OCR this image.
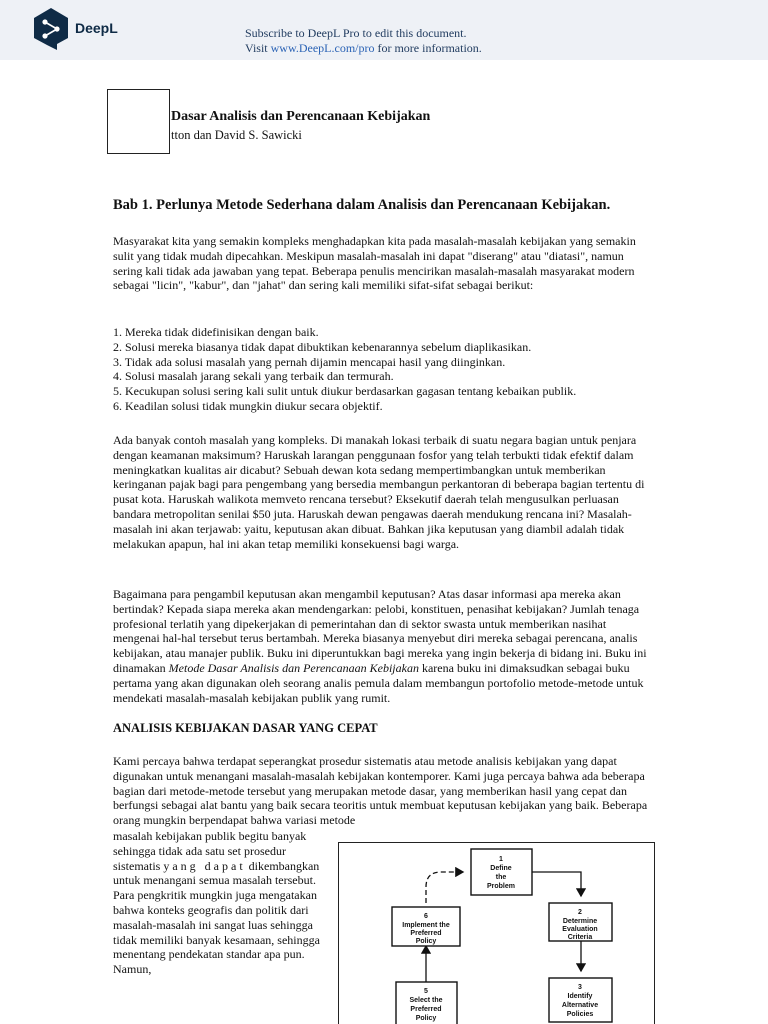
DeepL	Subscribe to DeepL Pro to edit this document.
Visit www.DeepL.com/pro for more information.
Dasar Analisis dan Perencanaan Kebijakan
tton dan David S. Sawicki
Bab 1. Perlunya Metode Sederhana dalam Analisis dan Perencanaan Kebijakan.

Masyarakat kita yang semakin kompleks menghadapkan kita pada masalah-masalah kebijakan yang semakin sulit yang tidak mudah dipecahkan. Meskipun masalah-masalah ini dapat "diserang" atau "diatasi", namun sering kali tidak ada jawaban yang tepat. Beberapa penulis mencirikan masalah-masalah masyarakat modern sebagai "licin", "kabur", dan "jahat" dan sering kali memiliki sifat-sifat sebagai berikut:

1. Mereka tidak didefinisikan dengan baik.
2. Solusi mereka biasanya tidak dapat dibuktikan kebenarannya sebelum diaplikasikan.
3. Tidak ada solusi masalah yang pernah dijamin mencapai hasil yang diinginkan.
4. Solusi masalah jarang sekali yang terbaik dan termurah.
5. Kecukupan solusi sering kali sulit untuk diukur berdasarkan gagasan tentang kebaikan publik.
6. Keadilan solusi tidak mungkin diukur secara objektif.

Ada banyak contoh masalah yang kompleks. Di manakah lokasi terbaik di suatu negara bagian untuk penjara dengan keamanan maksimum? Haruskah larangan penggunaan fosfor yang telah terbukti tidak efektif dalam meningkatkan kualitas air dicabut? Sebuah dewan kota sedang mempertimbangkan untuk memberikan keringanan pajak bagi para pengembang yang bersedia membangun perkantoran di beberapa bagian tertentu di pusat kota. Haruskah walikota memveto rencana tersebut? Eksekutif daerah telah mengusulkan perluasan bandara metropolitan senilai $50 juta. Haruskah dewan pengawas daerah mendukung rencana ini? Masalah-masalah ini akan terjawab: yaitu, keputusan akan dibuat. Bahkan jika keputusan yang diambil adalah tidak melakukan apapun, hal ini akan tetap memiliki konsekuensi bagi warga.

Bagaimana para pengambil keputusan akan mengambil keputusan? Atas dasar informasi apa mereka akan bertindak? Kepada siapa mereka akan mendengarkan: pelobi, konstituen, penasihat kebijakan? Jumlah tenaga profesional terlatih yang dipekerjakan di pemerintahan dan di sektor swasta untuk memberikan nasihat mengenai hal-hal tersebut terus bertambah. Mereka biasanya menyebut diri mereka sebagai perencana, analis kebijakan, atau manajer publik. Buku ini diperuntukkan bagi mereka yang ingin bekerja di bidang ini. Buku ini dinamakan Metode Dasar Analisis dan Perencanaan Kebijakan karena buku ini dimaksudkan sebagai buku pertama yang akan digunakan oleh seorang analis pemula dalam membangun portofolio metode-metode untuk mendekati masalah-masalah kebijakan publik yang rumit.

ANALISIS KEBIJAKAN DASAR YANG CEPAT

Kami percaya bahwa terdapat seperangkat prosedur sistematis atau metode analisis kebijakan yang dapat digunakan untuk menangani masalah-masalah kebijakan kontemporer. Kami juga percaya bahwa ada beberapa bagian dari metode-metode tersebut yang merupakan metode dasar, yang memberikan hasil yang cepat dan berfungsi sebagai alat bantu yang baik secara teoritis untuk membuat keputusan kebijakan yang baik. Beberapa orang mungkin berpendapat bahwa variasi metode

masalah kebijakan publik begitu banyak sehingga tidak ada satu set prosedur sistematis yang dapat dikembangkan untuk menangani semua masalah tersebut. Para pengkritik mungkin juga mengatakan bahwa konteks geografis dan politik dari masalah-masalah ini sangat luas sehingga tidak memiliki banyak kesamaan, sehingga menentang pendekatan standar apa pun. Namun,

1
Define
the
Problem
2
Determine
Evaluation
Criteria
3
Identify
Alternative
Policies
5
Select the
Preferred
Policy
6
Implement the
Preferred
Policy
